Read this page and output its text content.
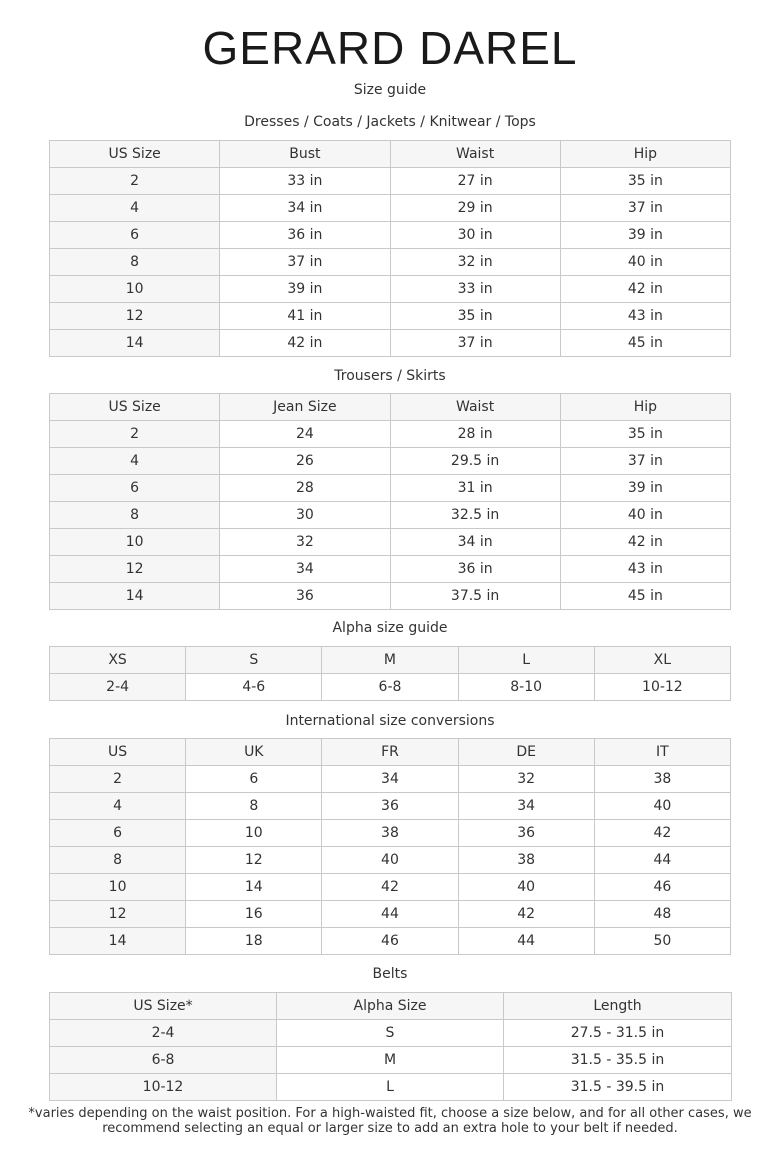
GERARD DAREL
Size guide
Dresses / Coats / Jackets / Knitwear / Tops
US Size	Bust	Waist	Hip
2	33 in	27 in	35 in
4	34 in	29 in	37 in
6	36 in	30 in	39 in
8	37 in	32 in	40 in
10	39 in	33 in	42 in
12	41 in	35 in	43 in
14	42 in	37 in	45 in
Trousers / Skirts
US Size	Jean Size	Waist	Hip
2	24	28 in	35 in
4	26	29.5 in	37 in
6	28	31 in	39 in
8	30	32.5 in	40 in
10	32	34 in	42 in
12	34	36 in	43 in
14	36	37.5 in	45 in
Alpha size guide
XS	S	M	L	XL
2-4	4-6	6-8	8-10	10-12
International size conversions
US	UK	FR	DE	IT
2	6	34	32	38
4	8	36	34	40
6	10	38	36	42
8	12	40	38	44
10	14	42	40	46
12	16	44	42	48
14	18	46	44	50
Belts
US Size*	Alpha Size	Length
2-4	S	27.5 - 31.5 in
6-8	M	31.5 - 35.5 in
10-12	L	31.5 - 39.5 in
*varies depending on the waist position. For a high-waisted fit, choose a size below, and for all other cases, we recommend selecting an equal or larger size to add an extra hole to your belt if needed.
